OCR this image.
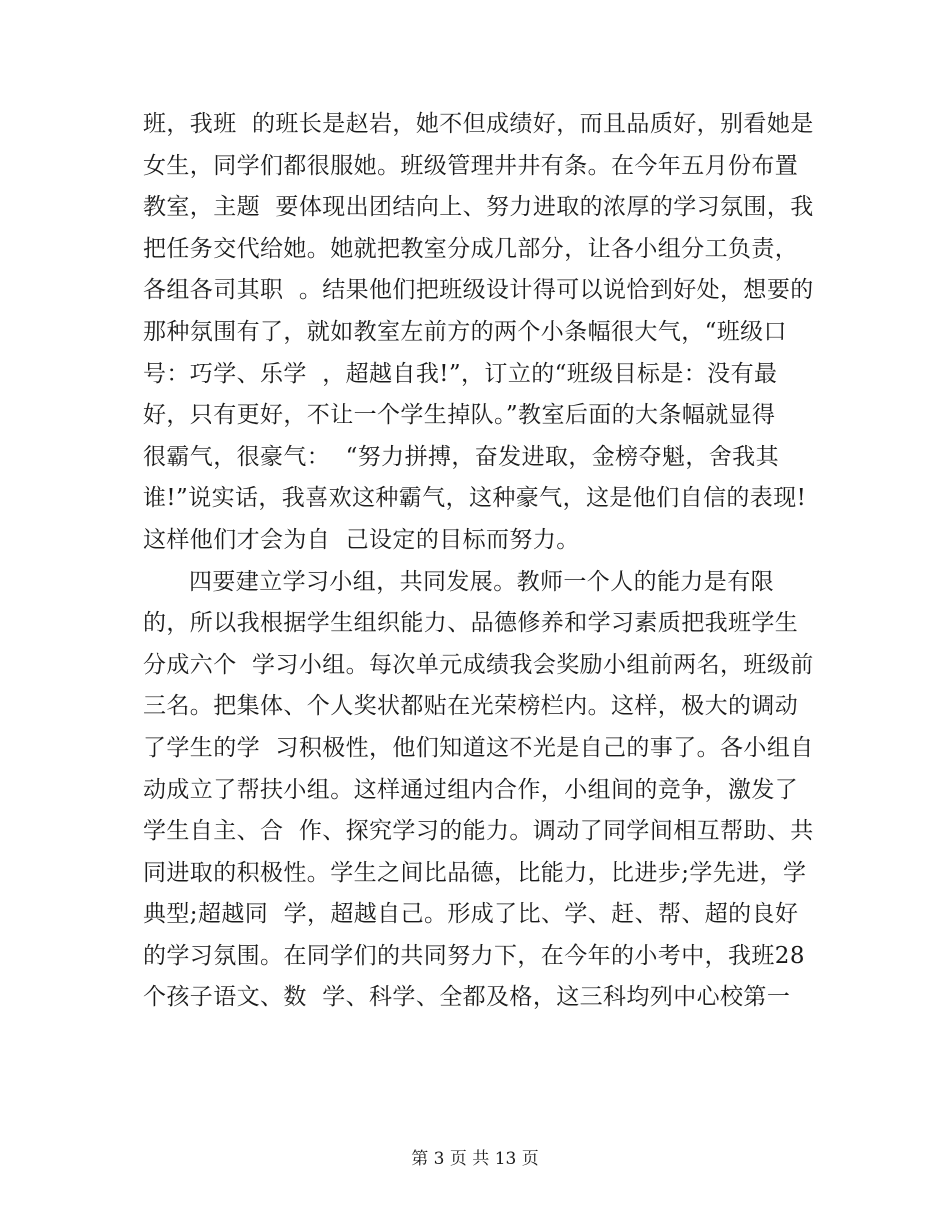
班，我班  的班长是赵岩，她不但成绩好，而且品质好，别看她是
女生，同学们都很服她。班级管理井井有条。在今年五月份布置
教室，主题  要体现出团结向上、努力进取的浓厚的学习氛围，我
把任务交代给她。她就把教室分成几部分，让各小组分工负责，
各组各司其职  。结果他们把班级设计得可以说恰到好处，想要的
那种氛围有了，就如教室左前方的两个小条幅很大气，“班级口
号：巧学、乐学  ，超越自我!”，订立的“班级目标是：没有最
好，只有更好，不让一个学生掉队。”教室后面的大条幅就显得
很霸气，很豪气：  “努力拼搏，奋发进取，金榜夺魁，舍我其
谁!”说实话，我喜欢这种霸气，这种豪气，这是他们自信的表现!
这样他们才会为自  己设定的目标而努力。
四要建立学习小组，共同发展。教师一个人的能力是有限
的，所以我根据学生组织能力、品德修养和学习素质把我班学生
分成六个  学习小组。每次单元成绩我会奖励小组前两名，班级前
三名。把集体、个人奖状都贴在光荣榜栏内。这样，极大的调动
了学生的学  习积极性，他们知道这不光是自己的事了。各小组自
动成立了帮扶小组。这样通过组内合作，小组间的竞争，激发了
学生自主、合  作、探究学习的能力。调动了同学间相互帮助、共
同进取的积极性。学生之间比品德，比能力，比进步;学先进，学
典型;超越同  学，超越自己。形成了比、学、赶、帮、超的良好
的学习氛围。在同学们的共同努力下，在今年的小考中，我班28
个孩子语文、数  学、科学、全都及格，这三科均列中心校第一
第 3 页 共 13 页
